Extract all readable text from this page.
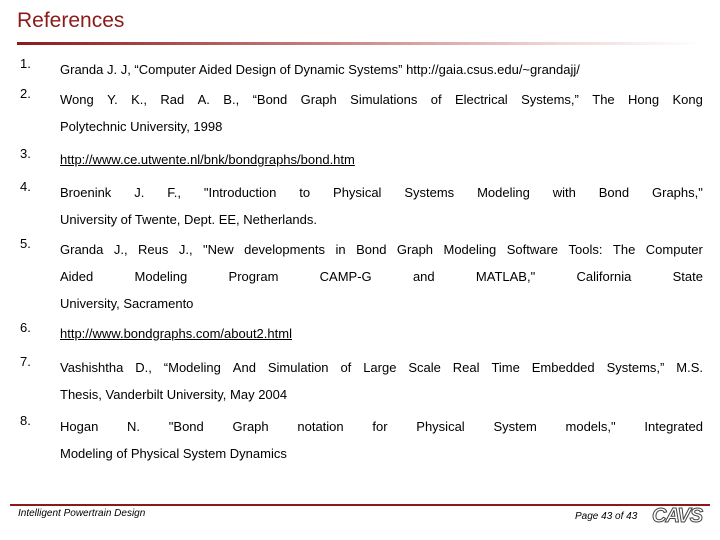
References
1. Granda J. J, “Computer Aided Design of Dynamic Systems” http://gaia.csus.edu/~grandajj/
2. Wong Y. K., Rad A. B., “Bond Graph Simulations of Electrical Systems,” The Hong Kong
Polytechnic University, 1998
3. http://www.ce.utwente.nl/bnk/bondgraphs/bond.htm
4. Broenink J. F., "Introduction to Physical Systems Modeling with Bond Graphs,"
University of Twente, Dept. EE, Netherlands.
5. Granda J., Reus J., "New developments in Bond Graph Modeling Software Tools: The Computer
Aided	Modeling	Program	CAMP-G	and	MATLAB,"	California	State
University, Sacramento
6. http://www.bondgraphs.com/about2.html
7. Vashishtha D., “Modeling And Simulation of Large Scale Real Time Embedded Systems,” M.S.
Thesis, Vanderbilt University, May 2004
8. Hogan N. "Bond Graph notation for Physical System models," Integrated
Modeling of Physical System Dynamics
Intelligent Powertrain Design	Page 43 of 43 CAVS
